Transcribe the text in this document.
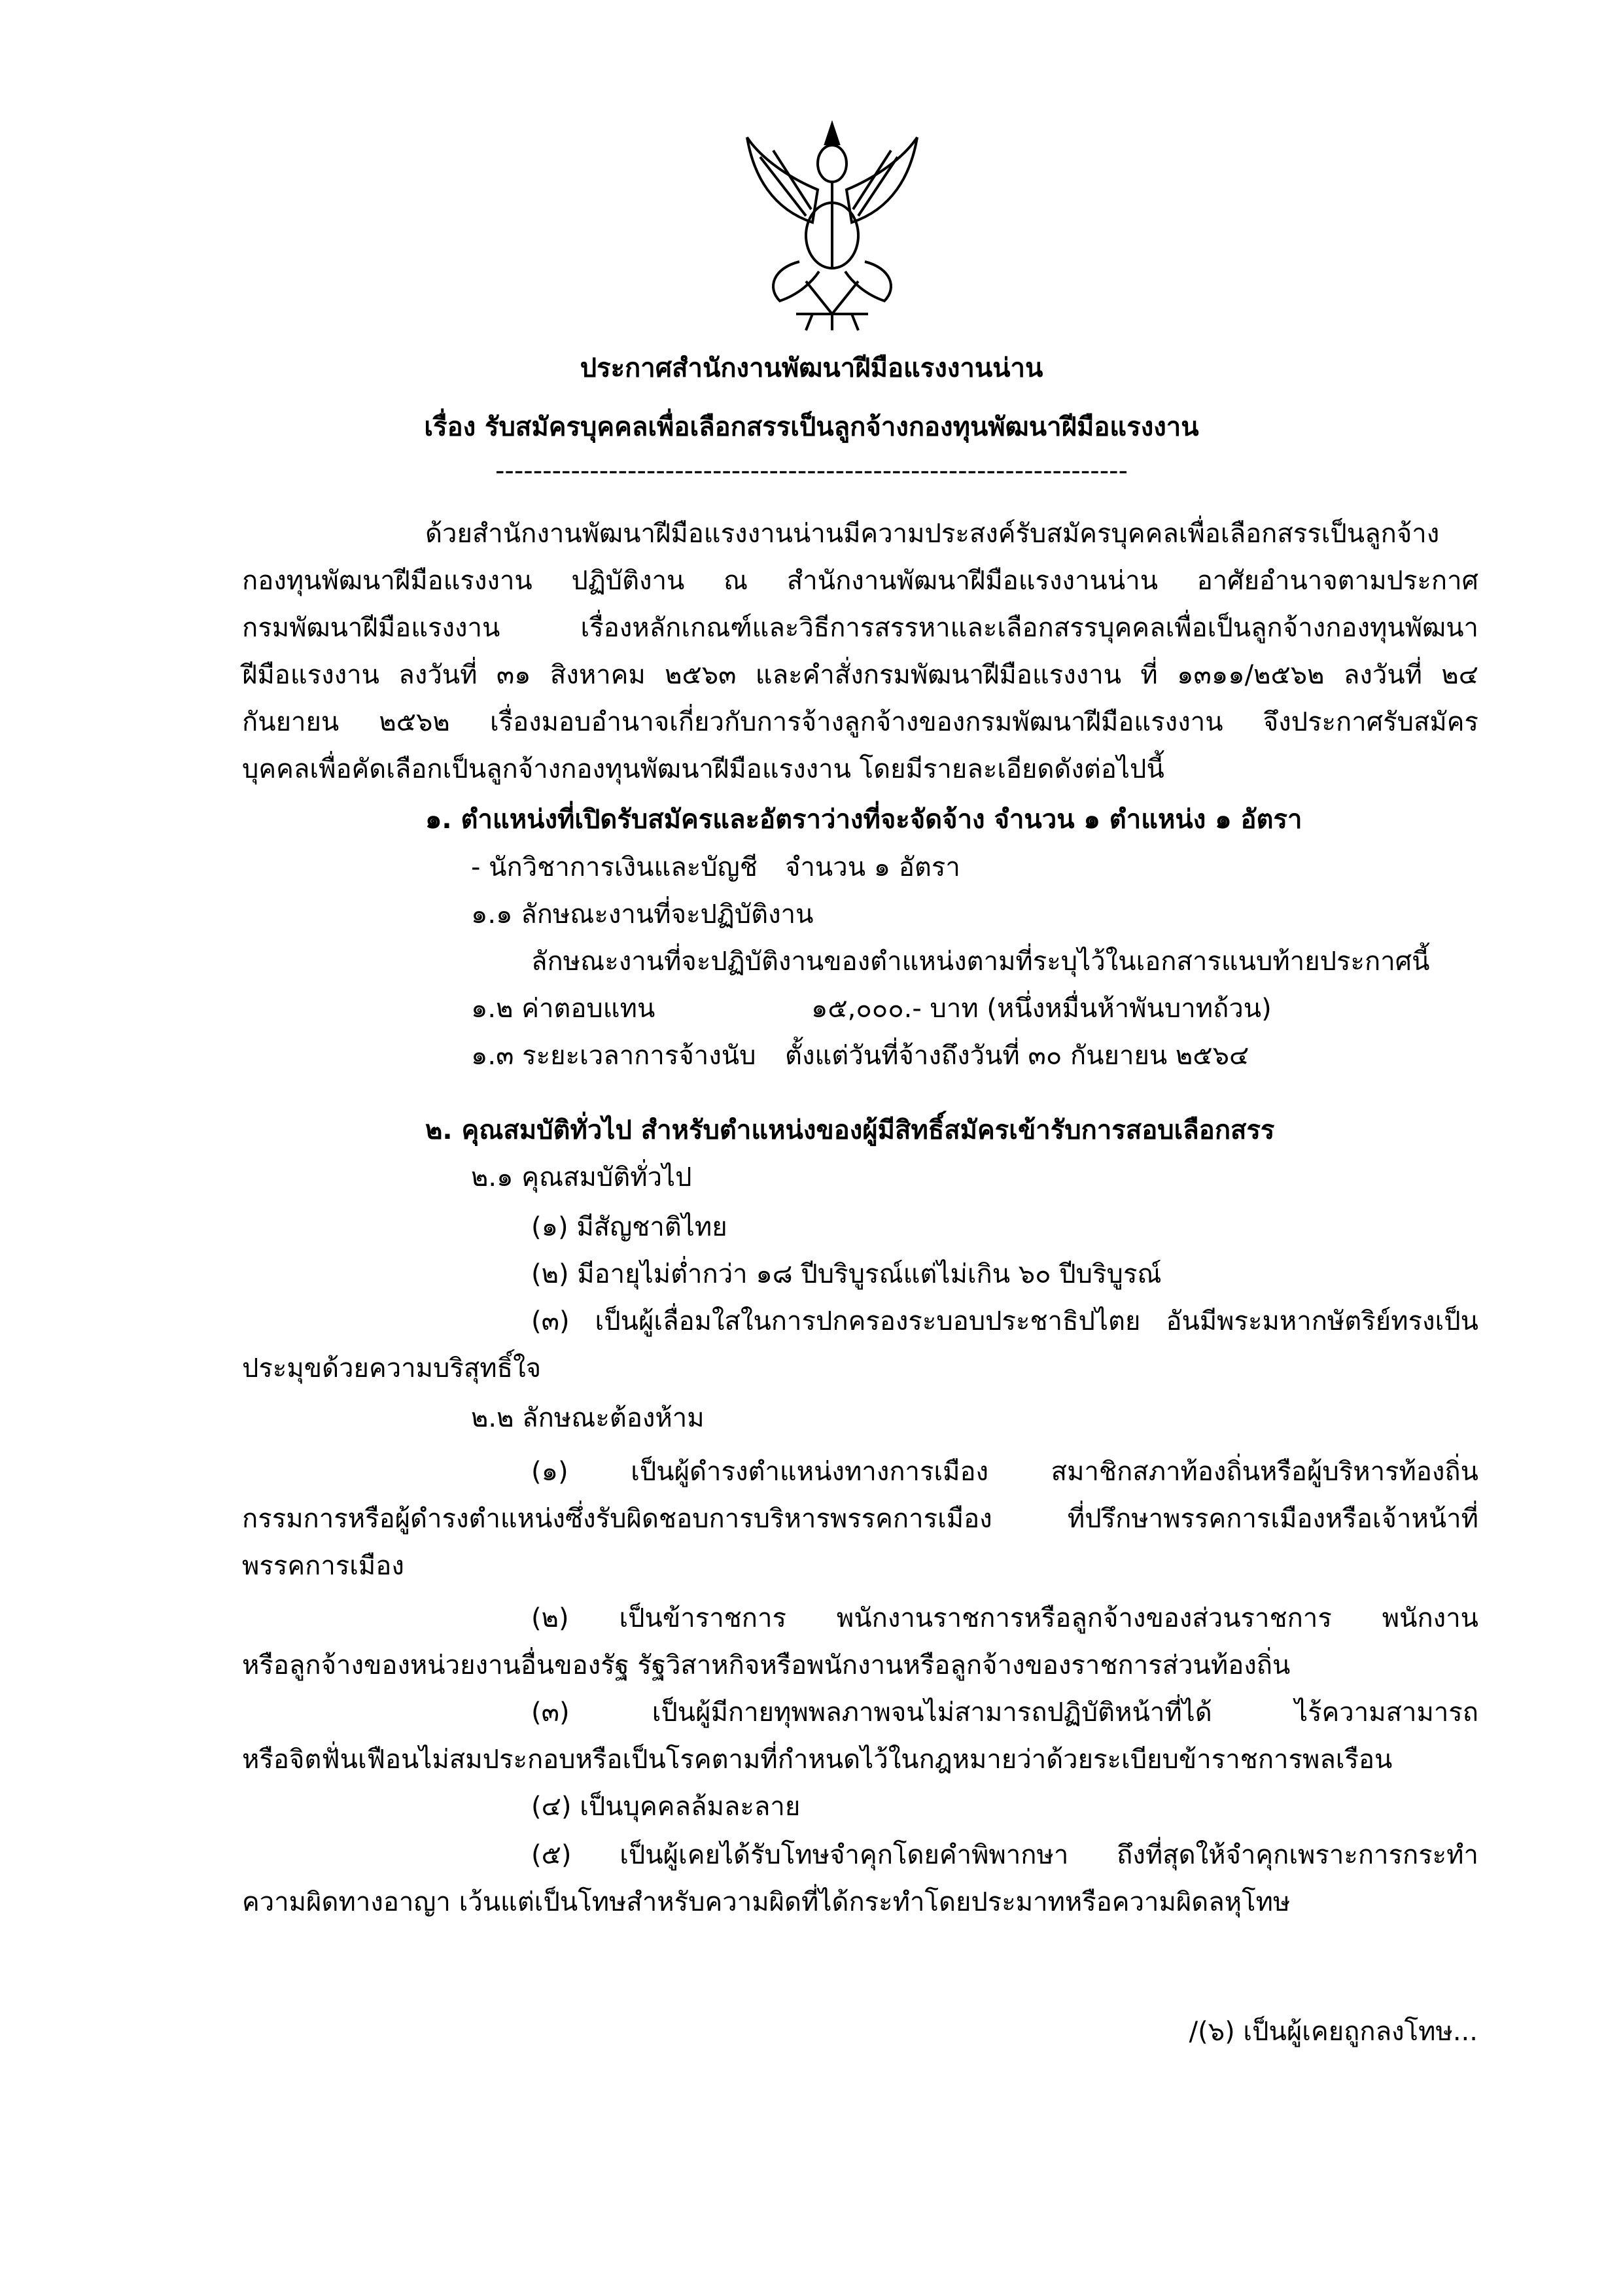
ประกาศสำนักงานพัฒนาฝีมือแรงงานน่าน
เรื่อง รับสมัครบุคคลเพื่อเลือกสรรเป็นลูกจ้างกองทุนพัฒนาฝีมือแรงงาน
-------------------------------------------------------------------
ด้วยสำนักงานพัฒนาฝีมือแรงงานน่านมีความประสงค์รับสมัครบุคคลเพื่อเลือกสรรเป็นลูกจ้าง
กองทุนพัฒนาฝีมือแรงงาน ปฏิบัติงาน ณ สำนักงานพัฒนาฝีมือแรงงานน่าน อาศัยอำนาจตามประกาศ
กรมพัฒนาฝีมือแรงงาน เรื่องหลักเกณฑ์และวิธีการสรรหาและเลือกสรรบุคคลเพื่อเป็นลูกจ้างกองทุนพัฒนา
ฝีมือแรงงาน ลงวันที่ ๓๑ สิงหาคม ๒๕๖๓ และคำสั่งกรมพัฒนาฝีมือแรงงาน ที่ ๑๓๑๑/๒๕๖๒ ลงวันที่ ๒๔
กันยายน ๒๕๖๒ เรื่องมอบอำนาจเกี่ยวกับการจ้างลูกจ้างของกรมพัฒนาฝีมือแรงงาน จึงประกาศรับสมัคร
บุคคลเพื่อคัดเลือกเป็นลูกจ้างกองทุนพัฒนาฝีมือแรงงาน โดยมีรายละเอียดดังต่อไปนี้
๑. ตำแหน่งที่เปิดรับสมัครและอัตราว่างที่จะจัดจ้าง จำนวน ๑ ตำแหน่ง ๑ อัตรา
- นักวิชาการเงินและบัญชี จำนวน ๑ อัตรา
๑.๑ ลักษณะงานที่จะปฏิบัติงาน
ลักษณะงานที่จะปฏิบัติงานของตำแหน่งตามที่ระบุไว้ในเอกสารแนบท้ายประกาศนี้
๑.๒ ค่าตอบแทน	๑๕,๐๐๐.- บาท (หนึ่งหมื่นห้าพันบาทถ้วน)
๑.๓ ระยะเวลาการจ้างนับ ตั้งแต่วันที่จ้างถึงวันที่ ๓๐ กันยายน ๒๕๖๔
๒. คุณสมบัติทั่วไป สำหรับตำแหน่งของผู้มีสิทธิ์สมัครเข้ารับการสอบเลือกสรร
๒.๑ คุณสมบัติทั่วไป
(๑) มีสัญชาติไทย
(๒) มีอายุไม่ต่ำกว่า ๑๘ ปีบริบูรณ์แต่ไม่เกิน ๖๐ ปีบริบูรณ์
(๓) เป็นผู้เลื่อมใสในการปกครองระบอบประชาธิปไตย อันมีพระมหากษัตริย์ทรงเป็น
ประมุขด้วยความบริสุทธิ์ใจ
๒.๒ ลักษณะต้องห้าม
(๑) เป็นผู้ดำรงตำแหน่งทางการเมือง สมาชิกสภาท้องถิ่นหรือผู้บริหารท้องถิ่น
กรรมการหรือผู้ดำรงตำแหน่งซึ่งรับผิดชอบการบริหารพรรคการเมือง ที่ปรึกษาพรรคการเมืองหรือเจ้าหน้าที่
พรรคการเมือง
(๒) เป็นข้าราชการ พนักงานราชการหรือลูกจ้างของส่วนราชการ พนักงาน
หรือลูกจ้างของหน่วยงานอื่นของรัฐ รัฐวิสาหกิจหรือพนักงานหรือลูกจ้างของราชการส่วนท้องถิ่น
(๓) เป็นผู้มีกายทุพพลภาพจนไม่สามารถปฏิบัติหน้าที่ได้ ไร้ความสามารถ
หรือจิตฟั่นเฟือนไม่สมประกอบหรือเป็นโรคตามที่กำหนดไว้ในกฎหมายว่าด้วยระเบียบข้าราชการพลเรือน
(๔) เป็นบุคคลล้มละลาย
(๕) เป็นผู้เคยได้รับโทษจำคุกโดยคำพิพากษา ถึงที่สุดให้จำคุกเพราะการกระทำ
ความผิดทางอาญา เว้นแต่เป็นโทษสำหรับความผิดที่ได้กระทำโดยประมาทหรือความผิดลหุโทษ
/(๖) เป็นผู้เคยถูกลงโทษ...
